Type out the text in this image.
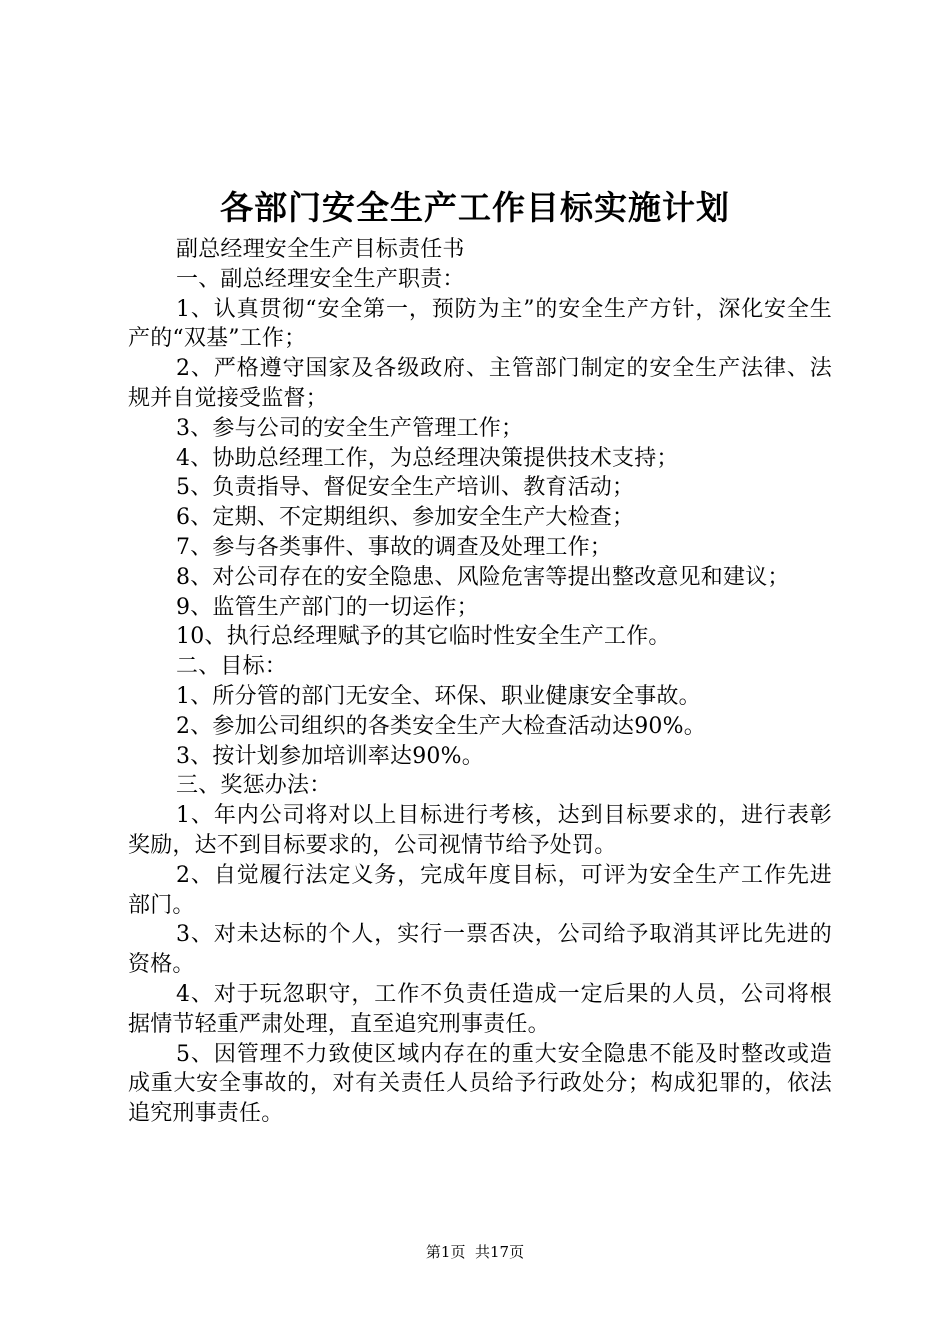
各部门安全生产工作目标实施计划

副总经理安全生产目标责任书

一、副总经理安全生产职责：

1、认真贯彻“安全第一，预防为主”的安全生产方针，深化安全生产的“双基”工作；

2、严格遵守国家及各级政府、主管部门制定的安全生产法律、法规并自觉接受监督；

3、参与公司的安全生产管理工作；

4、协助总经理工作，为总经理决策提供技术支持；

5、负责指导、督促安全生产培训、教育活动；

6、定期、不定期组织、参加安全生产大检查；

7、参与各类事件、事故的调查及处理工作；

8、对公司存在的安全隐患、风险危害等提出整改意见和建议；

9、监管生产部门的一切运作；

10、执行总经理赋予的其它临时性安全生产工作。

二、目标：

1、所分管的部门无安全、环保、职业健康安全事故。

2、参加公司组织的各类安全生产大检查活动达90%。

3、按计划参加培训率达90%。

三、奖惩办法：

1、年内公司将对以上目标进行考核，达到目标要求的，进行表彰奖励，达不到目标要求的，公司视情节给予处罚。

2、自觉履行法定义务，完成年度目标，可评为安全生产工作先进部门。

3、对未达标的个人，实行一票否决，公司给予取消其评比先进的资格。

4、对于玩忽职守，工作不负责任造成一定后果的人员，公司将根据情节轻重严肃处理，直至追究刑事责任。

5、因管理不力致使区域内存在的重大安全隐患不能及时整改或造成重大安全事故的，对有关责任人员给予行政处分；构成犯罪的，依法追究刑事责任。

第1页  共17页
